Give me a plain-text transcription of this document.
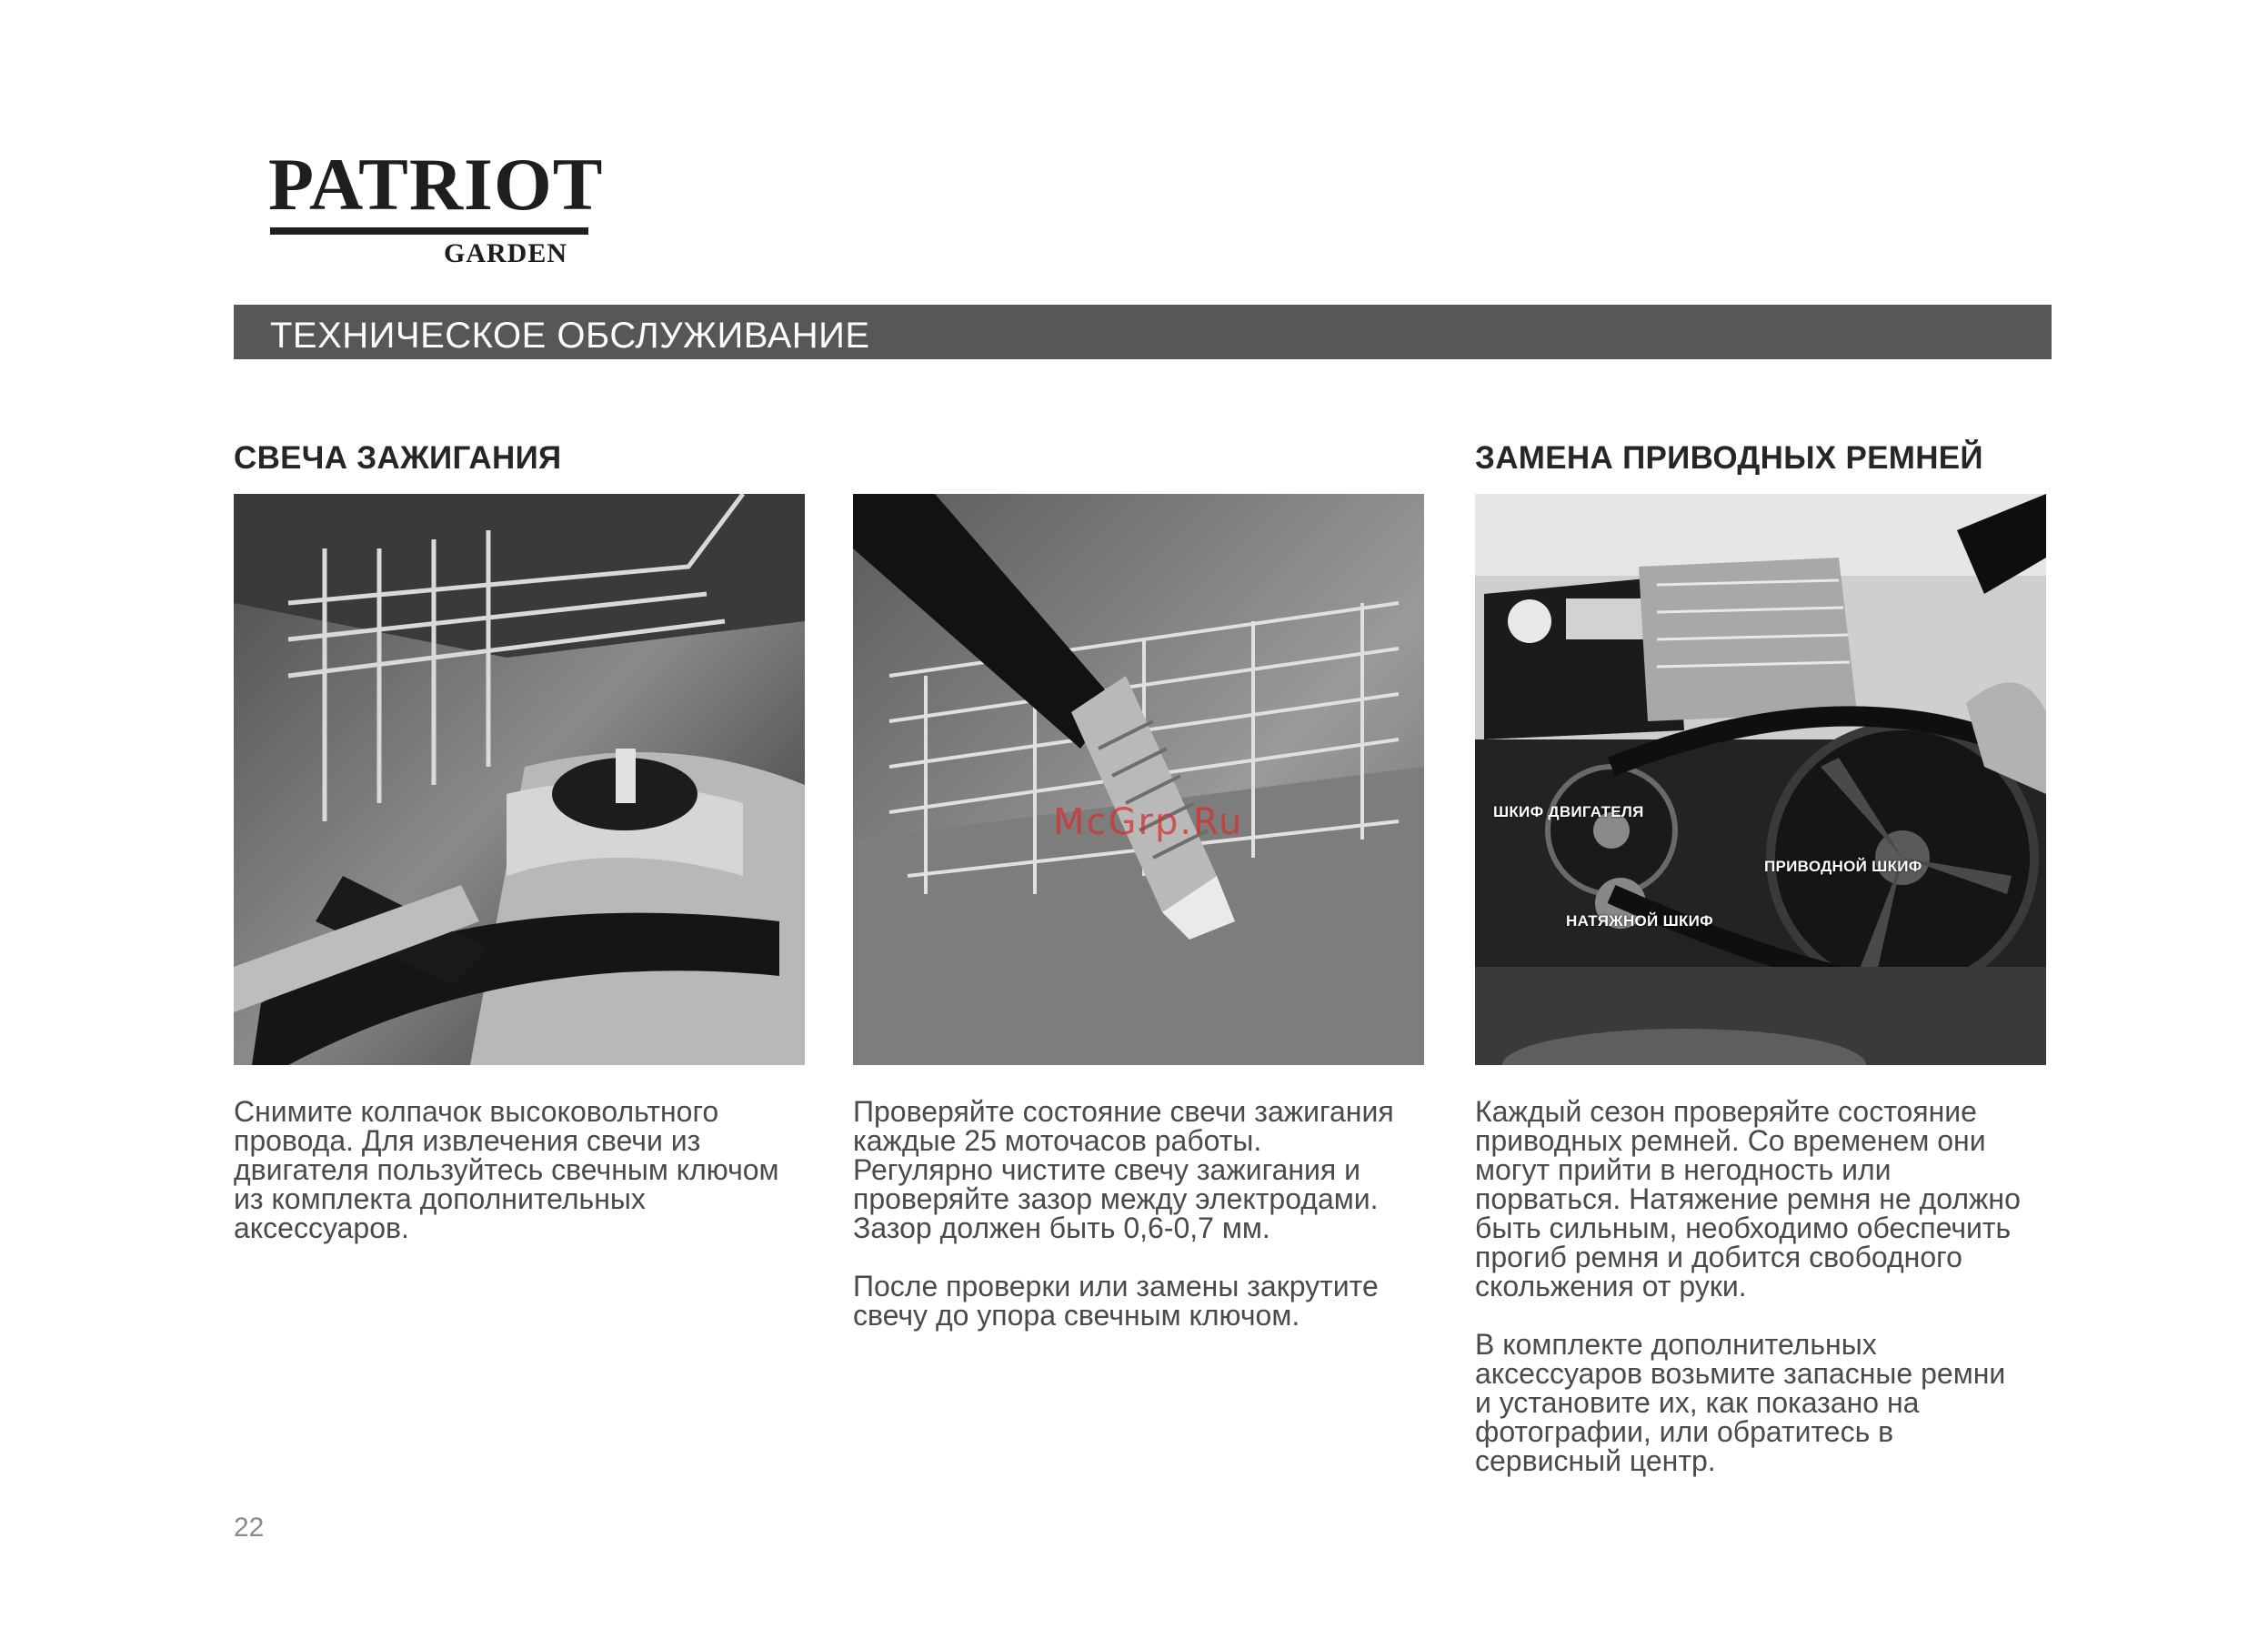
PATRIOT
GARDEN
ТЕХНИЧЕСКОЕ ОБСЛУЖИВАНИЕ
СВЕЧА ЗАЖИГАНИЯ	ЗАМЕНА ПРИВОДНЫХ РЕМНЕЙ
McGrp.Ru	ШКИФ ДВИГАТЕЛЯ
ПРИВОДНОЙ ШКИФ
НАТЯЖНОЙ ШКИФ
Снимите колпачок высоковольтного
провода. Для извлечения свечи из
двигателя пользуйтесь свечным ключом
из комплекта дополнительных
аксессуаров.
Проверяйте состояние свечи зажигания
каждые 25 моточасов работы.
Регулярно чистите свечу зажигания и
проверяйте зазор между электродами.
Зазор должен быть 0,6-0,7 мм.
После проверки или замены закрутите
свечу до упора свечным ключом.
Каждый сезон проверяйте состояние
приводных ремней. Со временем они
могут прийти в негодность или
порваться. Натяжение ремня не должно
быть сильным, необходимо обеспечить
прогиб ремня и добится свободного
скольжения от руки.
В комплекте дополнительных
аксессуаров возьмите запасные ремни
и установите их, как показано на
фотографии, или обратитесь в
сервисный центр.
22
